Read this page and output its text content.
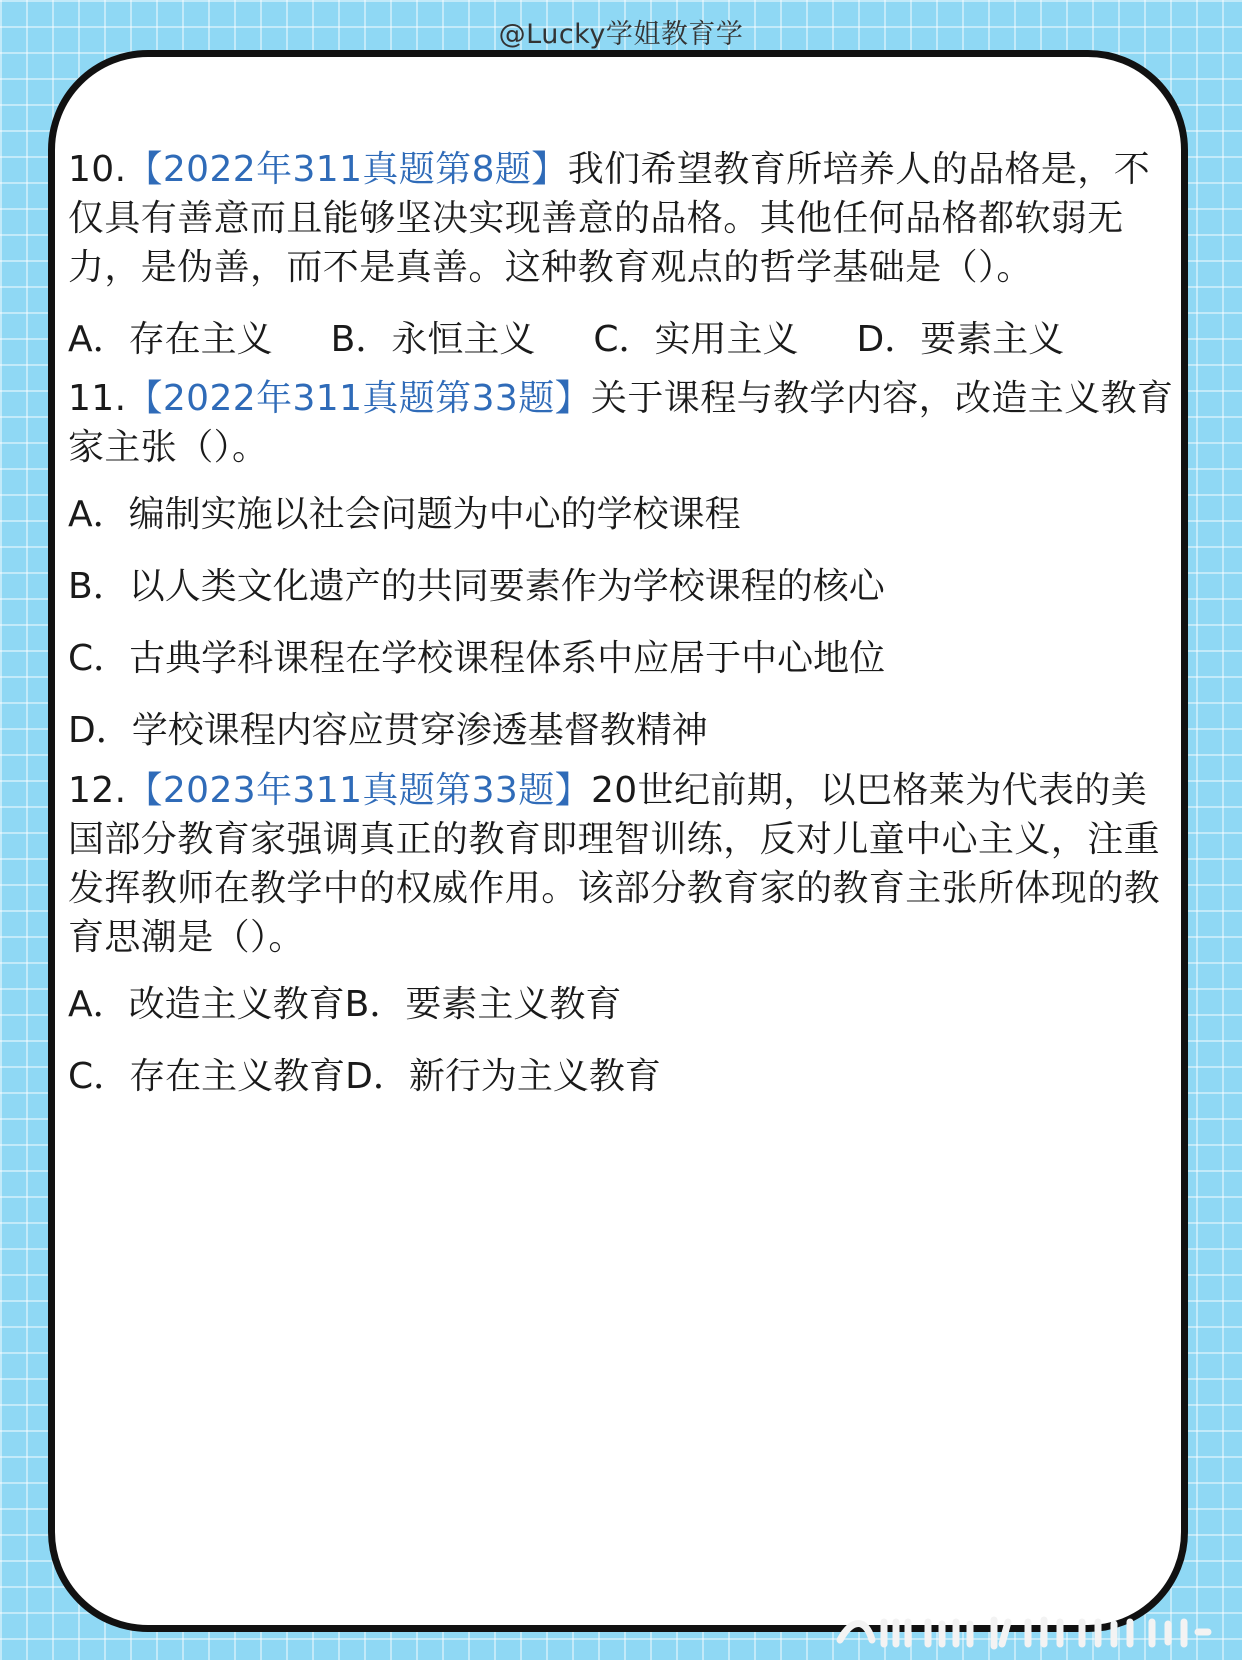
@Lucky学姐教育学

10.【2022年311真题第8题】我们希望教育所培养人的品格是，不仅具有善意而且能够坚决实现善意的品格。其他任何品格都软弱无力，是伪善，而不是真善。这种教育观点的哲学基础是（）。

A．存在主义 B．永恒主义 C．实用主义 D．要素主义

11.【2022年311真题第33题】关于课程与教学内容，改造主义教育家主张（）。

A．编制实施以社会问题为中心的学校课程

B．以人类文化遗产的共同要素作为学校课程的核心

C．古典学科课程在学校课程体系中应居于中心地位

D．学校课程内容应贯穿渗透基督教精神

12.【2023年311真题第33题】20世纪前期，以巴格莱为代表的美国部分教育家强调真正的教育即理智训练，反对儿童中心主义，注重发挥教师在教学中的权威作用。该部分教育家的教育主张所体现的教育思潮是（）。

A．改造主义教育B．要素主义教育

C．存在主义教育D．新行为主义教育
